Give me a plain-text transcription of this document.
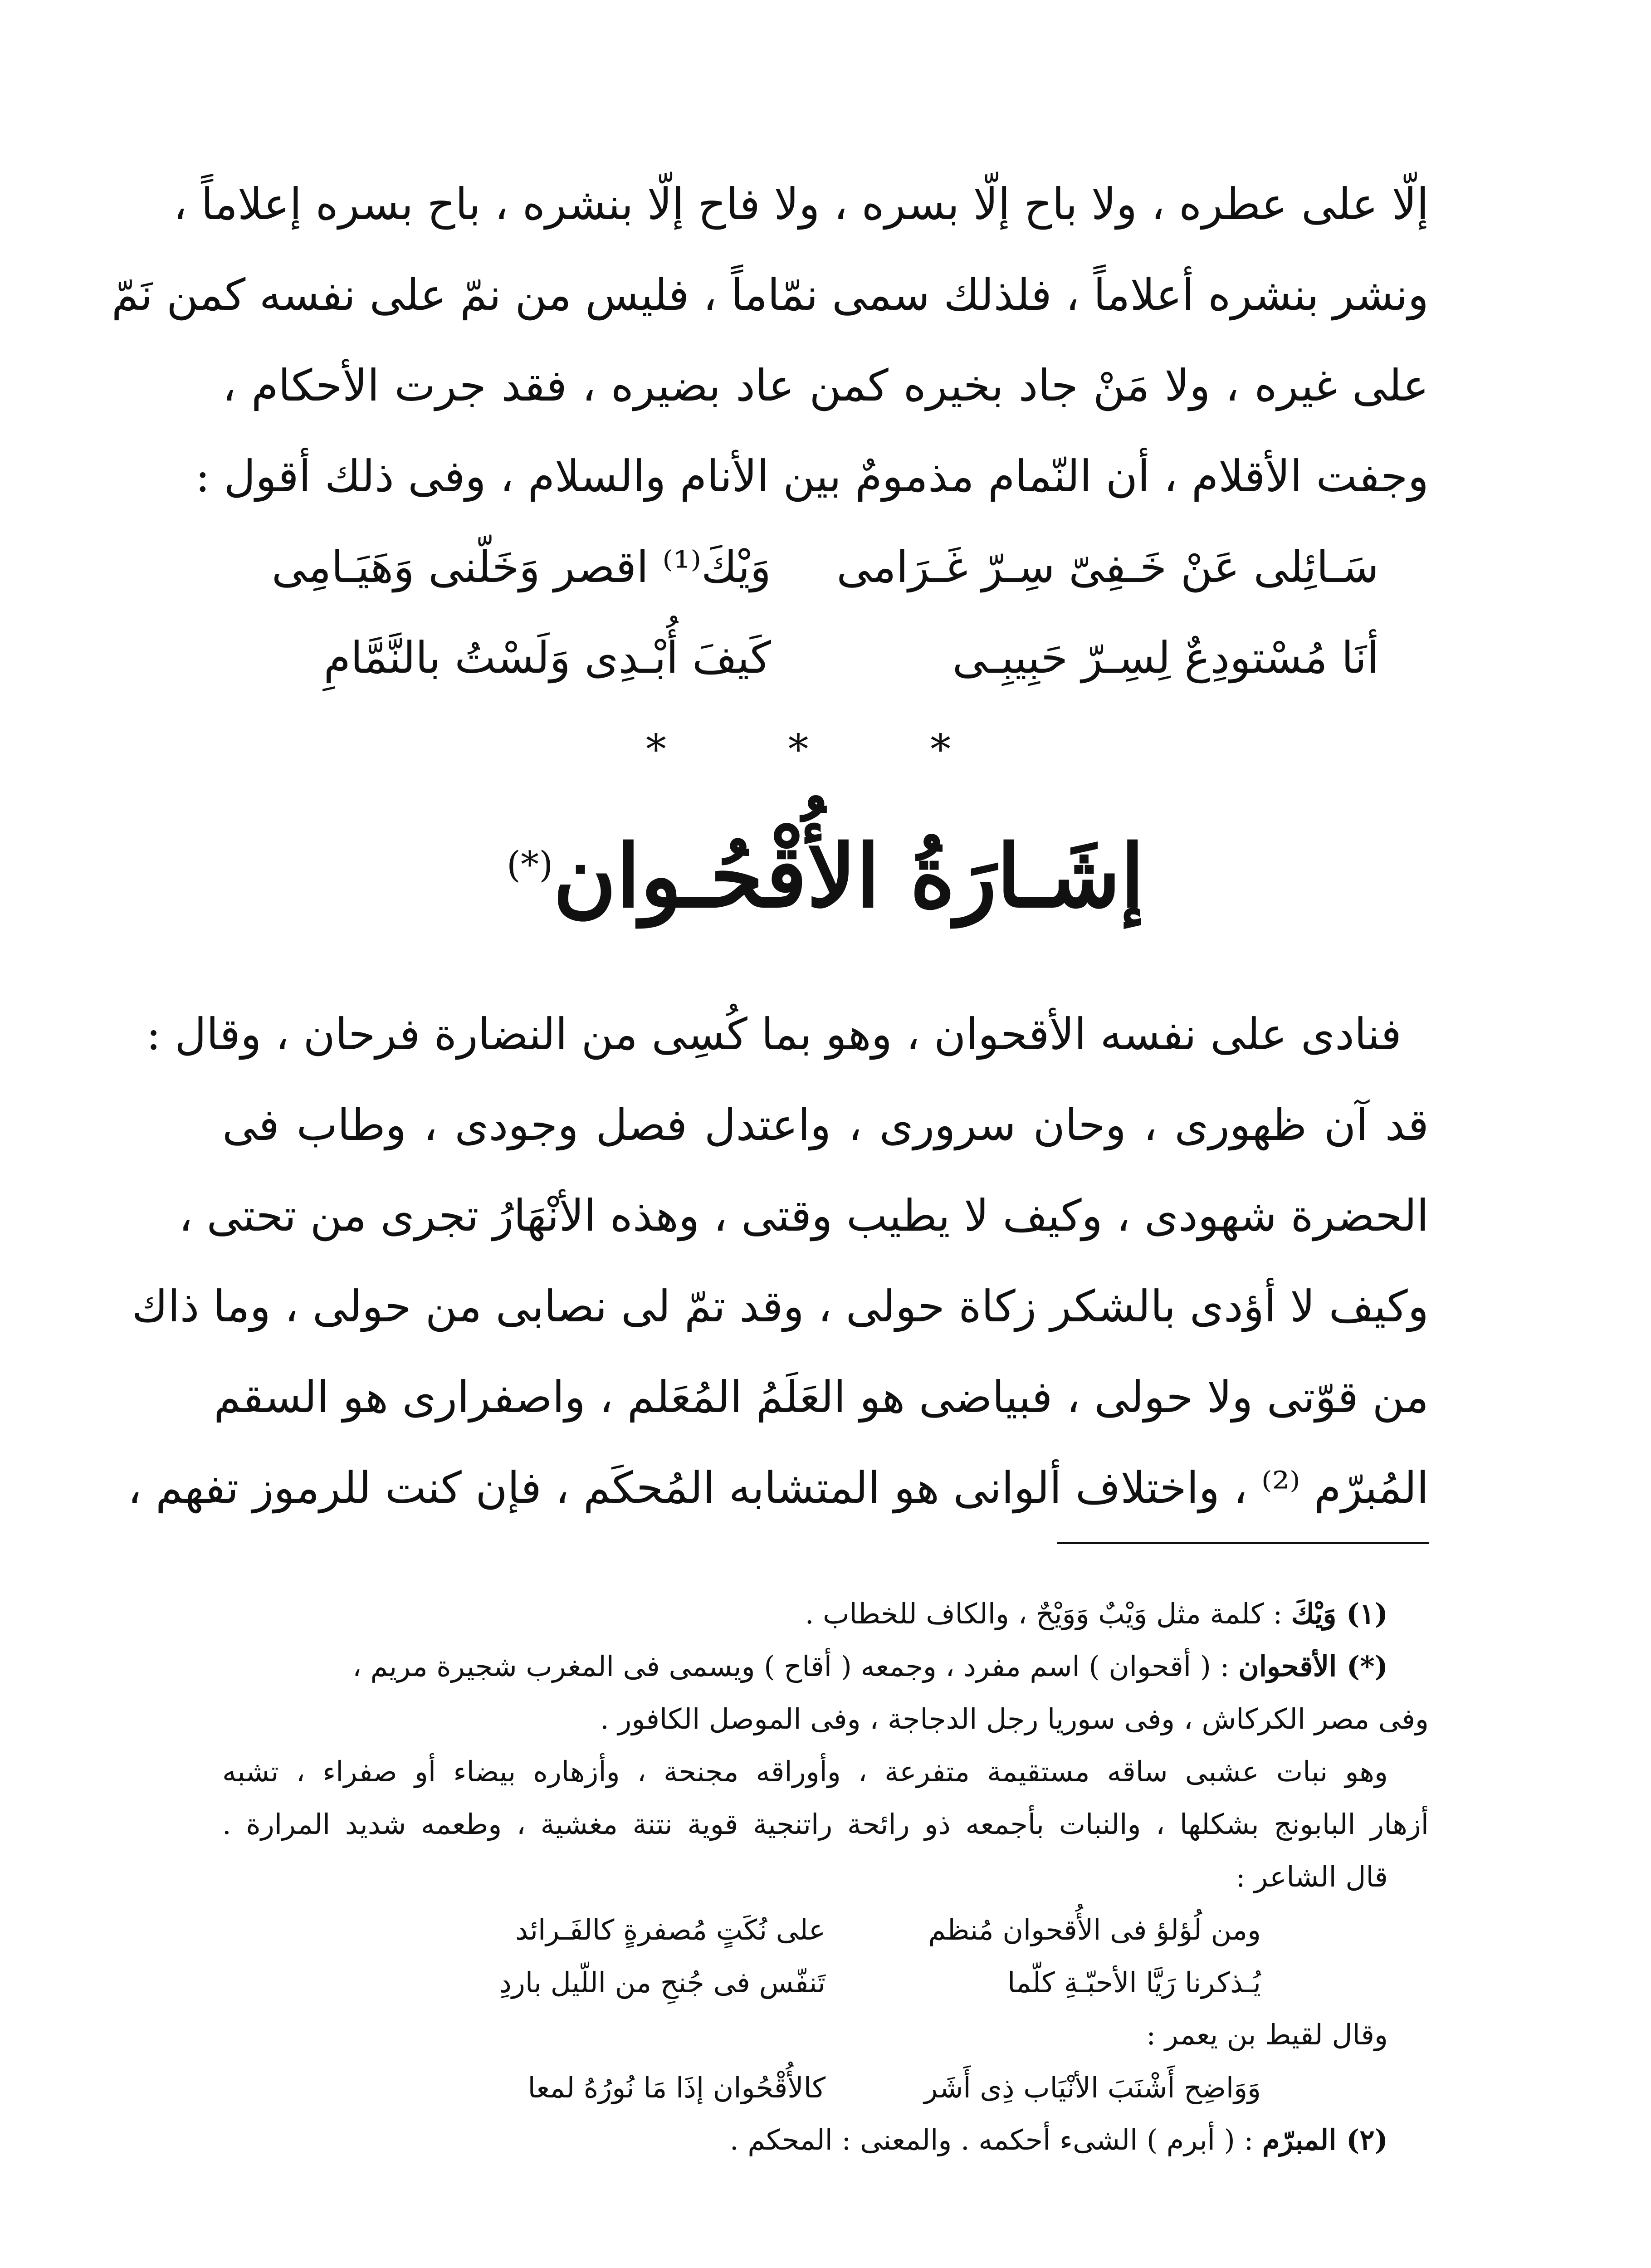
إلّا على عطره ، ولا باح إلّا بسره ، ولا فاح إلّا بنشره ، باح بسره إعلاماً ،
ونشر بنشره أعلاماً ، فلذلك سمى نمّاماً ، فليس من نمّ على نفسه كمن نَمّ
على غيره ، ولا مَنْ جاد بخيره كمن عاد بضيره ، فقد جرت الأحكام ،
وجفت الأقلام ، أن النّمام مذمومٌ بين الأنام والسلام ، وفى ذلك أقول :
سَـائِلى عَنْ خَـفِىّ سِـرّ غَـرَامى
وَيْكَ⁽¹⁾ اقصر وَخَلّنى وَهَيَـامِى
أنَا مُسْتودِعٌ لِسِـرّ حَبِيبِـى
كَيفَ أُبْـدِى وَلَسْتُ بالنَّمَّامِ
* * *
إشَـارَةُ الأُقْحُـوان(*)
فنادى على نفسه الأقحوان ، وهو بما كُسِى من النضارة فرحان ، وقال :
قد آن ظهورى ، وحان سرورى ، واعتدل فصل وجودى ، وطاب فى
الحضرة شهودى ، وكيف لا يطيب وقتى ، وهذه الأنْهَارُ تجرى من تحتى ،
وكيف لا أؤدى بالشكر زكاة حولى ، وقد تمّ لى نصابى من حولى ، وما ذاك
من قوّتى ولا حولى ، فبياضى هو العَلَمُ المُعَلم ، واصفرارى هو السقم
المُبرّم ⁽²⁾ ، واختلاف ألوانى هو المتشابه المُحكَم ، فإن كنت للرموز تفهم ،
(١) وَيْكَ : كلمة مثل وَيْبٌ وَوَيْحٌ ، والكاف للخطاب .
(*) الأقحوان : ( أقحوان ) اسم مفرد ، وجمعه ( أقاح ) ويسمى فى المغرب شجيرة مريم ،
وفى مصر الكركاش ، وفى سوريا رجل الدجاجة ، وفى الموصل الكافور .
وهو نبات عشبى ساقه مستقيمة متفرعة ، وأوراقه مجنحة ، وأزهاره بيضاء أو صفراء ، تشبه
أزهار البابونج بشكلها ، والنبات بأجمعه ذو رائحة راتنجية قوية نتنة مغشية ، وطعمه شديد المرارة .
قال الشاعر :
ومن لُؤلؤ فى الأُقحوان مُنظم
على نُكَتٍ مُصفرةٍ كالفَـرائد
يُـذكرنا رَيَّا الأحبّـةِ كلّما
تَنفّس فى جُنحِ من اللّيل باردِ
وقال لقيط بن يعمر :
وَوَاضِح أَشْنَبَ الأنْيَاب ذِى أَشَر
كالأُقْحُوان إذَا مَا نُورُهُ لمعا
(٢) المبرّم : ( أبرم ) الشىء أحكمه . والمعنى : المحكم .
